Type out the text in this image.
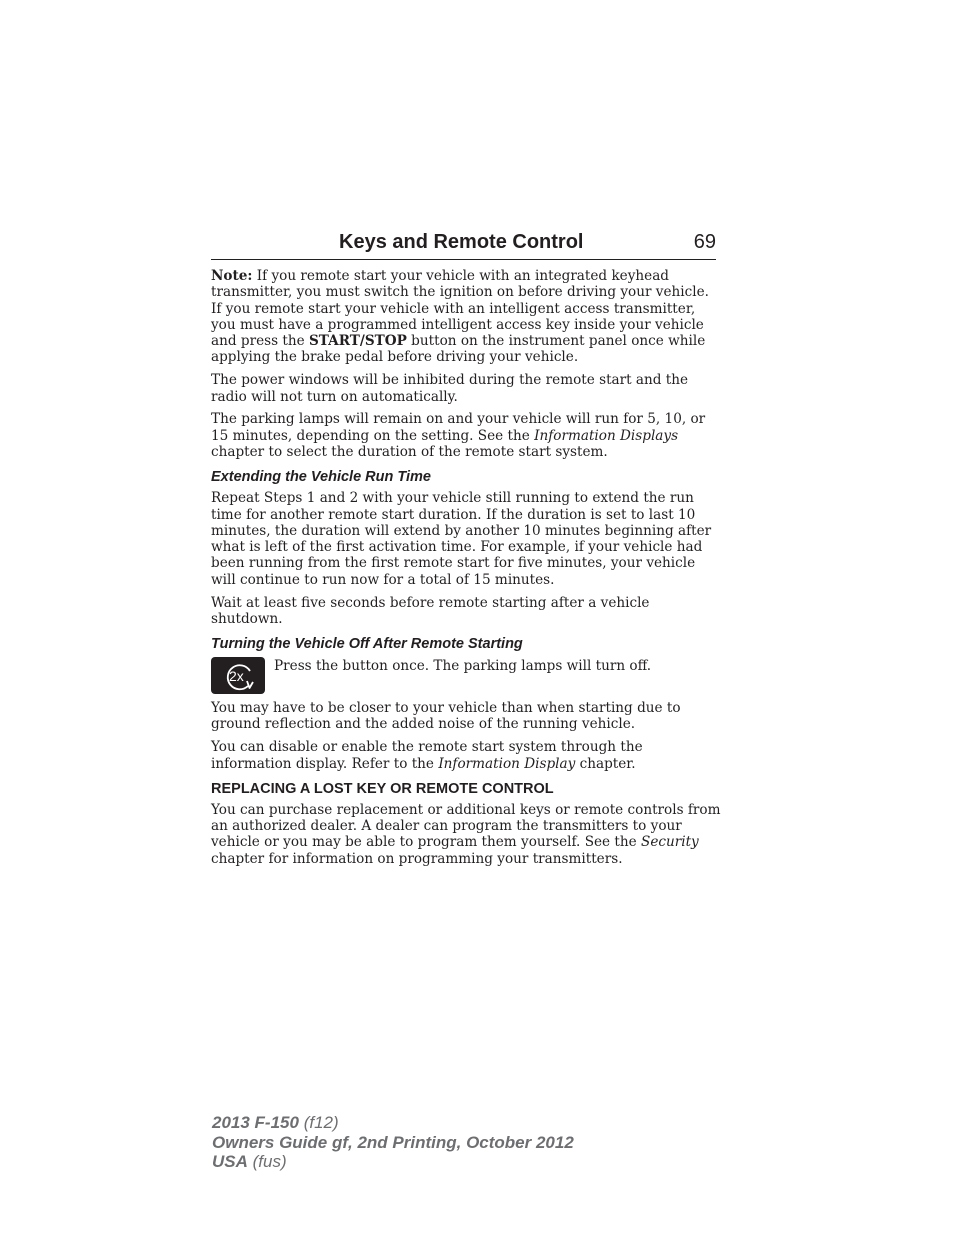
Keys and Remote Control	69

Note: If you remote start your vehicle with an integrated keyhead transmitter, you must switch the ignition on before driving your vehicle. If you remote start your vehicle with an intelligent access transmitter, you must have a programmed intelligent access key inside your vehicle and press the START/STOP button on the instrument panel once while applying the brake pedal before driving your vehicle.

The power windows will be inhibited during the remote start and the radio will not turn on automatically.

The parking lamps will remain on and your vehicle will run for 5, 10, or 15 minutes, depending on the setting. See the Information Displays chapter to select the duration of the remote start system.

Extending the Vehicle Run Time

Repeat Steps 1 and 2 with your vehicle still running to extend the run time for another remote start duration. If the duration is set to last 10 minutes, the duration will extend by another 10 minutes beginning after what is left of the first activation time. For example, if your vehicle had been running from the first remote start for five minutes, your vehicle will continue to run now for a total of 15 minutes.

Wait at least five seconds before remote starting after a vehicle shutdown.

Turning the Vehicle Off After Remote Starting
2x

Press the button once. The parking lamps will turn off.

You may have to be closer to your vehicle than when starting due to ground reflection and the added noise of the running vehicle.

You can disable or enable the remote start system through the information display. Refer to the Information Display chapter.

REPLACING A LOST KEY OR REMOTE CONTROL

You can purchase replacement or additional keys or remote controls from an authorized dealer. A dealer can program the transmitters to your vehicle or you may be able to program them yourself. See the Security chapter for information on programming your transmitters.

2013 F-150 (f12)
Owners Guide gf, 2nd Printing, October 2012
USA (fus)
